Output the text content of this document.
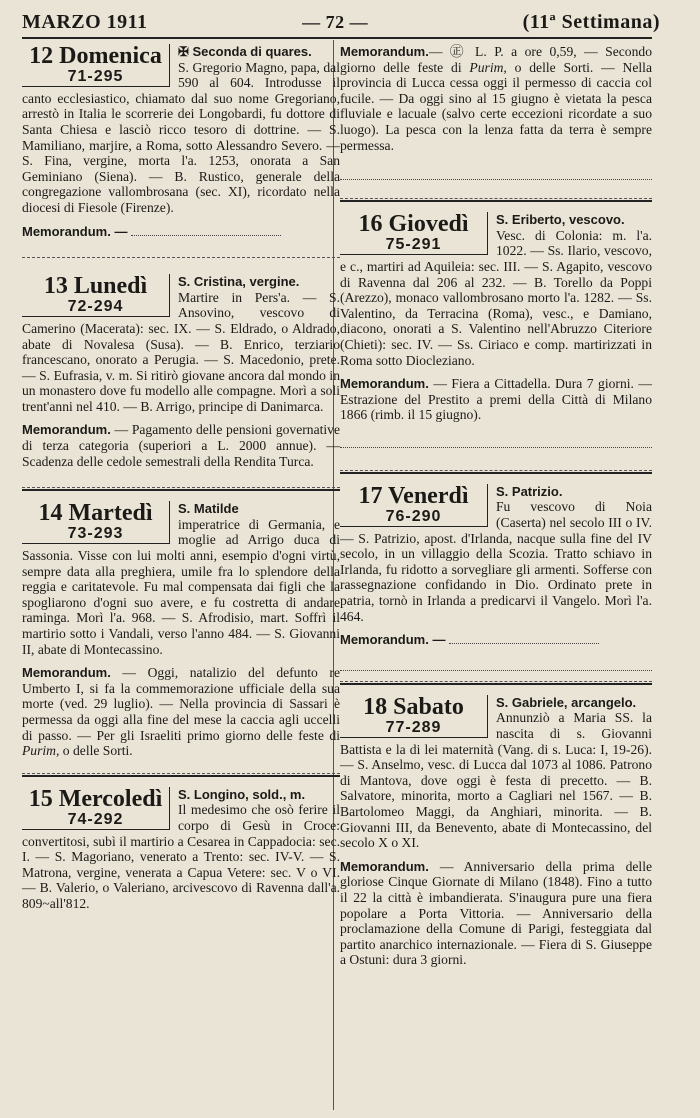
MARZO 1911	— 72 —	(11ª Settimana)
12 Domenica
71-295
✠ Seconda di quares.
S. Gregorio Magno, papa, dal 590 al 604. Introdusse il canto ecclesiastico, chiamato dal suo nome Gregoriano, arrestò in Italia le scorrerie dei Longobardi, fu dottore di Santa Chiesa e lasciò ricco tesoro di dottrine. — S. Mamiliano, marjire, a Roma, sotto Alessandro Severo. — S. Fina, vergine, morta l'a. 1253, onorata a San Geminiano (Siena). — B. Rustico, generale della congregazione vallombrosana (sec. XI), ricordato nella diocesi di Fiesole (Firenze).
Memorandum. —
13 Lunedì
72-294
S. Cristina, verɡine.
Martire in Pers'a. — S. Ansovino, vescovo di Camerino (Macerata): sec. IX. — S. Eldrado, o Aldrado, abate di Novalesa (Susa). — B. Enrico, terziario francescano, onorato a Perugia. — S. Macedonio, prete. — S. Eufrasia, v. m. Si ritirò giovane ancora dal mondo in un monastero dove fu modello alle compagne. Morì a soli trent'anni nel 410. — B. Arrigo, principe di Danimarca.
Memorandum. — Pagamento delle pensioni governative di terza categoria (superiori a L. 2000 annue). — Scadenza delle cedole semestrali della Rendita Turca.
14 Martedì
73-293
S. Matilde
imperatrice di Germania, e moglie ad Arrigo duca di Sassonia. Visse con lui molti anni, esempio d'ogni virtù, sempre data alla preghiera, umile fra lo splendore della reggia e caritatevole. Fu mal compensata dai figli che la spogliarono d'ogni suo avere, e fu costretta di andare raminga. Morì l'a. 968. — S. Afrodisio, mart. Soffrì il martirio sotto i Vandali, verso l'anno 484. — S. Giovanni II, abate di Montecassino.
Memorandum. — Oggi, natalizio del defunto re Umberto I, si fa la commemorazione ufficiale della sua morte (ved. 29 luglio). — Nella provincia di Sassari è permessa da oggi alla fine del mese la caccia agli uccelli di passo. — Per gli Israeliti primo giorno delle feste di Purim, o delle Sorti.
15 Mercoledì
74-292
S. Longino, sold., m.
Il medesimo che osò ferire il corpo di Gesù in Croce: convertitosi, subì il martirio a Cesarea in Cappadocia: sec. I. — S. Magoriano, venerato a Trento: sec. IV-V. — S. Matrona, vergine, venerata a Capua Vetere: sec. V o VI. — B. Valerio, o Valeriano, arcivescovo di Ravenna dall'a. 809~all'812.
Memorandum.— ㊣ L. P. a ore 0,59, — Secondo giorno delle feste di Purim, o delle Sorti. — Nella provincia di Lucca cessa oggi il permesso di caccia col fucile. — Da oggi sino al 15 giugno è vietata la pesca fluviale e lacuale (salvo certe eccezioni ricordate a suo luogo). La pesca con la lenza fatta da terra è sempre permessa.
16 Giovedì
75-291
S. Eriberto, vescovo.
Vesc. di Colonia: m. l'a. 1022. — Ss. Ilario, vescovo, e c., martiri ad Aquileia: sec. III. — S. Agapito, vescovo di Ravenna dal 206 al 232. — B. Torello da Poppi (Arezzo), monaco vallombrosano morto l'a. 1282. — Ss. Valentino, da Terracina (Roma), vesc., e Damiano, diacono, onorati a S. Valentino nell'Abruzzo Citeriore (Chieti): sec. IV. — Ss. Ciriaco e comp. martirizzati in Roma sotto Diocleziano.
Memorandum. — Fiera a Cittadella. Dura 7 giorni. — Estrazione del Prestito a premi della Città di Milano 1866 (rimb. il 15 giugno).
17 Venerdì
76-290
S. Patrizio.
Fu vescovo di Noia (Caserta) nel secolo III o IV. — S. Patrizio, apost. d'Irlanda, nacque sulla fine del IV secolo, in un villaggio della Scozia. Tratto schiavo in Irlanda, fu ridotto a sorvegliare gli armenti. Sofferse con rassegnazione confidando in Dio. Ordinato prete in patria, tornò in Irlanda a predicarvi il Vangelo. Morì l'a. 464.
Memorandum. —
18 Sabato
77-289
S. Gabriele, arcangelo.
Annunziò a Maria SS. la nascita di s. Giovanni Battista e la di lei maternità (Vang. di s. Luca: I, 19-26). — S. Anselmo, vesc. di Lucca dal 1073 al 1086. Patrono di Mantova, dove oggi è festa di precetto. — B. Salvatore, minorita, morto a Cagliari nel 1567. — B. Bartolomeo Maggi, da Anghiari, minorita. — B. Giovanni III, da Benevento, abate di Montecassino, del secolo X o XI.
Memorandum. — Anniversario della prima delle gloriose Cinque Giornate di Milano (1848). Fino a tutto il 22 la città è imbandierata. S'inaugura pure una fiera popolare a Porta Vittoria. — Anniversario della proclamazione della Comune di Parigi, festeggiata dal partito anarchico internazionale. — Fiera di S. Giuseppe a Ostuni: dura 3 giorni.
